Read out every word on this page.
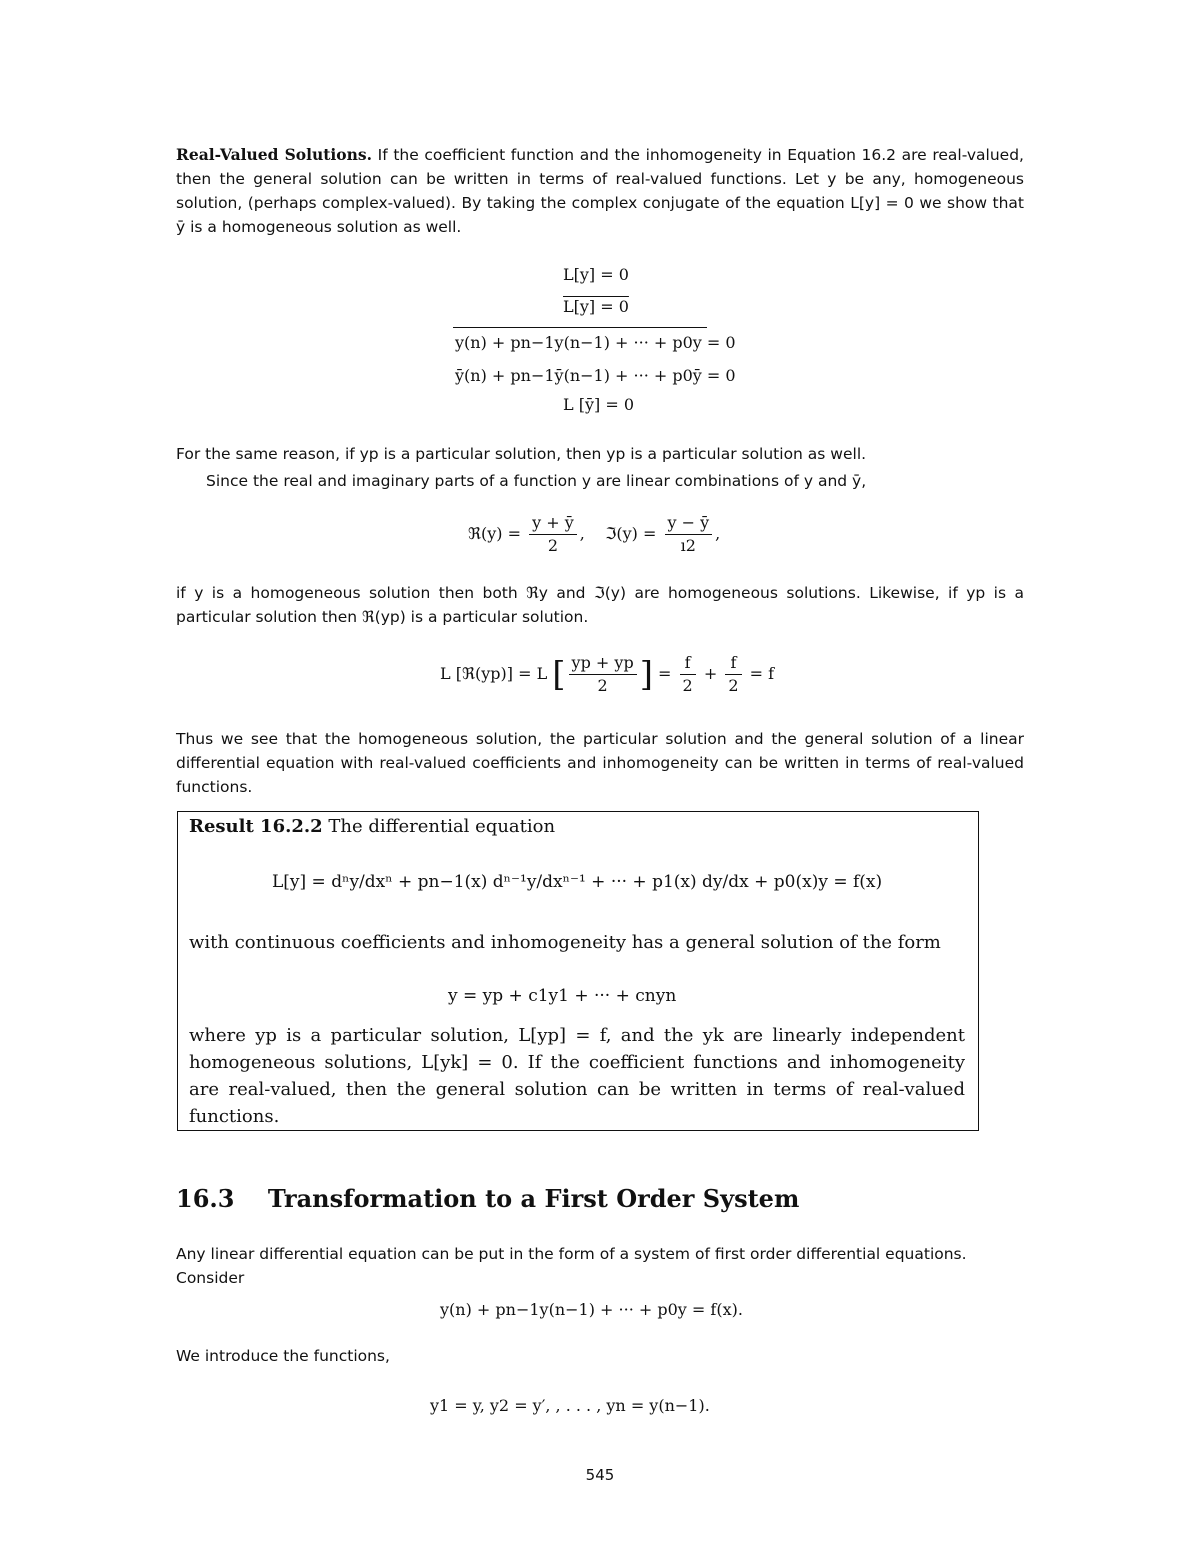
Real-Valued Solutions. If the coefficient function and the inhomogeneity in Equation 16.2 are real-valued, then the general solution can be written in terms of real-valued functions. Let y be any, homogeneous solution, (perhaps complex-valued). By taking the complex conjugate of the equation L[y] = 0 we show that ȳ is a homogeneous solution as well.
L[y] = 0
L[y] = 0
y(n) + pn−1y(n−1) + ··· + p0y = 0
ȳ(n) + pn−1ȳ(n−1) + ··· + p0ȳ = 0
L [ȳ] = 0
For the same reason, if yp is a particular solution, then yp is a particular solution as well.
Since the real and imaginary parts of a function y are linear combinations of y and ȳ,
ℜ(y) = $\frac{y + ȳ}{2}$ ,    ℑ(y) = $\frac{y - ȳ}{ı2}$ ,
if y is a homogeneous solution then both ℜy and ℑ(y) are homogeneous solutions. Likewise, if yp is a particular solution then ℜ(yp) is a particular solution.
L [ℜ(yp)] = L [ $\frac{yp + yp}{2}$ ] = $\frac{f}{2} + \frac{f}{2} = f$
Thus we see that the homogeneous solution, the particular solution and the general solution of a linear differential equation with real-valued coefficients and inhomogeneity can be written in terms of real-valued functions.
Result 16.2.2 The differential equation
L[y] = dⁿy/dxⁿ + pn−1(x) dⁿ⁻¹y/dxⁿ⁻¹ + ··· + p1(x) dy/dx + p0(x)y = f(x)
with continuous coefficients and inhomogeneity has a general solution of the form
y = yp + c1y1 + ··· + cnyn
where yp is a particular solution, L[yp] = f, and the yk are linearly independent homogeneous solutions, L[yk] = 0. If the coefficient functions and inhomogeneity are real-valued, then the general solution can be written in terms of real-valued functions.
16.3 Transformation to a First Order System
Any linear differential equation can be put in the form of a system of first order differential equations. Consider
y(n) + pn−1y(n−1) + ··· + p0y = f(x).
We introduce the functions,
y1 = y, y2 = y′, , . . . , yn = y(n−1).
545
